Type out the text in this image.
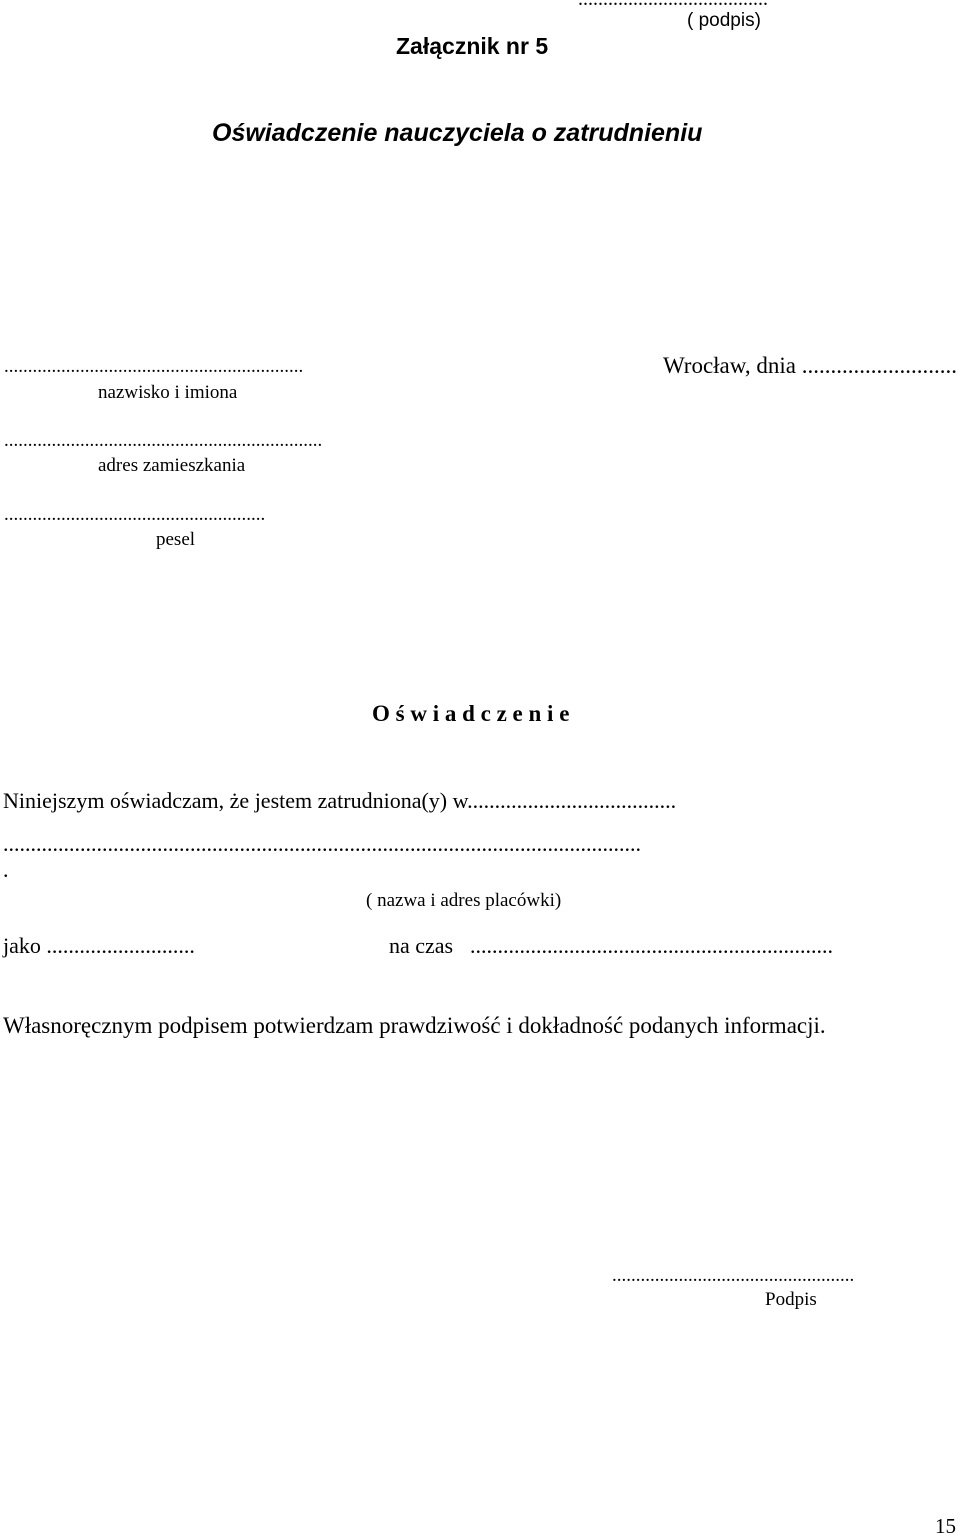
( podpis)
Załącznik nr 5
Oświadczenie nauczyciela o zatrudnieniu
...............................................................
nazwisko i imiona
Wrocław, dnia ...........................
...................................................................
adres zamieszkania
.......................................................
pesel
O ś w i a d c z e n i e
Niniejszym oświadczam, że jestem zatrudniona(y) w......................................
....................................................................................................................
.
( nazwa i adres placówki)
jako ...........................	na czas ..................................................................
Własnoręcznym podpisem potwierdzam prawdziwość i dokładność podanych informacji.
...................................................
Podpis
15
